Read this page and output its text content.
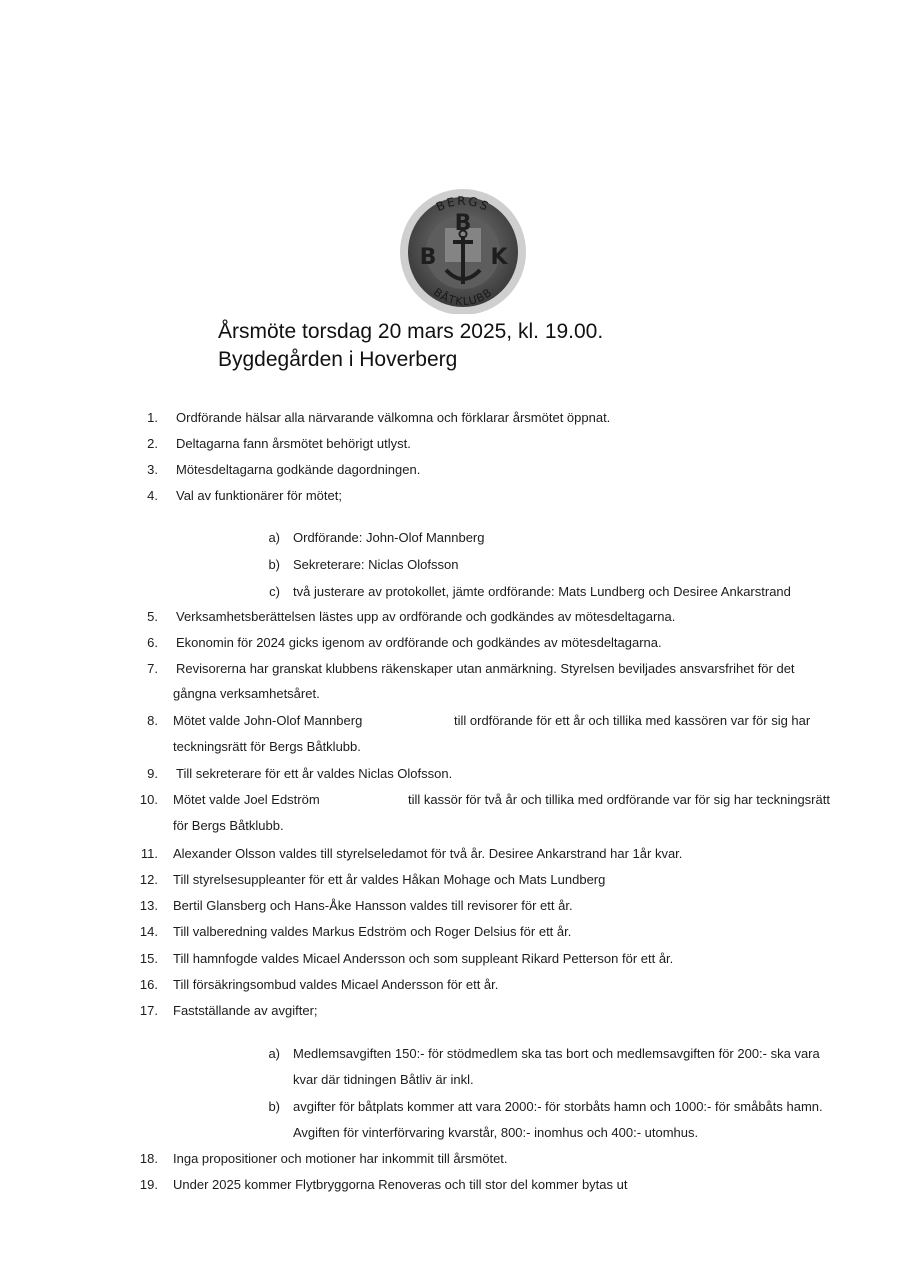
B
B K
BERGS
BÅTKLUBB
Årsmöte torsdag 20 mars 2025, kl. 19.00.
Bygdegården i Hoverberg
1. Ordförande hälsar alla närvarande välkomna och förklarar årsmötet öppnat.
2. Deltagarna fann årsmötet behörigt utlyst.
3. Mötesdeltagarna godkände dagordningen.
4. Val av funktionärer för mötet;
a) Ordförande: John-Olof Mannberg
b) Sekreterare: Niclas Olofsson
c) två justerare av protokollet, jämte ordförande: Mats Lundberg och Desiree Ankarstrand
5. Verksamhetsberättelsen lästes upp av ordförande och godkändes av mötesdeltagarna.
6. Ekonomin för 2024 gicks igenom av ordförande och godkändes av mötesdeltagarna.
7. Revisorerna har granskat klubbens räkenskaper utan anmärkning. Styrelsen beviljades ansvarsfrihet för det
gångna verksamhetsåret.
8. Mötet valde John-Olof Mannberg	till ordförande för ett år och tillika med kassören var för sig har
teckningsrätt för Bergs Båtklubb.
9. Till sekreterare för ett år valdes Niclas Olofsson.
10. Mötet valde Joel Edström	till kassör för två år och tillika med ordförande var för sig har teckningsrätt
för Bergs Båtklubb.
11. Alexander Olsson valdes till styrelseledamot för två år. Desiree Ankarstrand har 1år kvar.
12. Till styrelsesuppleanter för ett år valdes Håkan Mohage och Mats Lundberg
13. Bertil Glansberg och Hans-Åke Hansson valdes till revisorer för ett år.
14. Till valberedning valdes Markus Edström och Roger Delsius för ett år.
15. Till hamnfogde valdes Micael Andersson och som suppleant Rikard Petterson för ett år.
16. Till försäkringsombud valdes Micael Andersson för ett år.
17. Fastställande av avgifter;
a) Medlemsavgiften 150:- för stödmedlem ska tas bort och medlemsavgiften för 200:- ska vara
kvar där tidningen Båtliv är inkl.
b) avgifter för båtplats kommer att vara 2000:- för storbåts hamn och 1000:- för småbåts hamn.
Avgiften för vinterförvaring kvarstår, 800:- inomhus och 400:- utomhus.
18. Inga propositioner och motioner har inkommit till årsmötet.
19. Under 2025 kommer Flytbryggorna Renoveras och till stor del kommer bytas ut
